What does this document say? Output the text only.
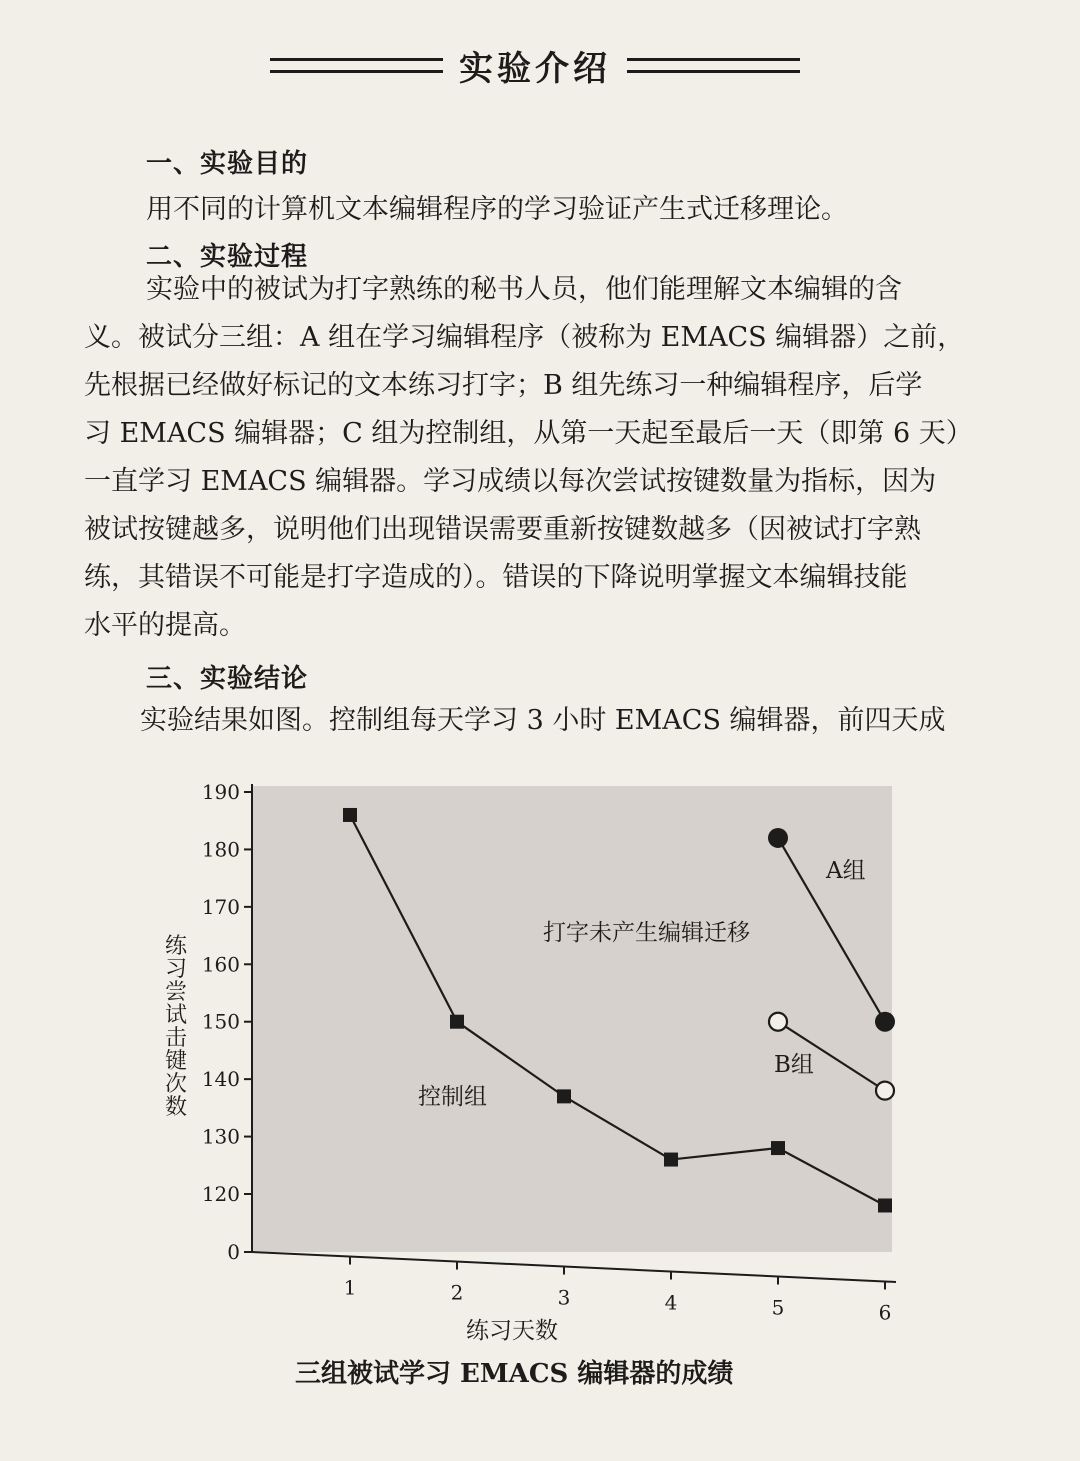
实验介绍
一、实验目的
用不同的计算机文本编辑程序的学习验证产生式迁移理论。
二、实验过程
实验中的被试为打字熟练的秘书人员，他们能理解文本编辑的含
义。被试分三组：A 组在学习编辑程序（被称为 EMACS 编辑器）之前，
先根据已经做好标记的文本练习打字；B 组先练习一种编辑程序，后学
习 EMACS 编辑器；C 组为控制组，从第一天起至最后一天（即第 6 天）
一直学习 EMACS 编辑器。学习成绩以每次尝试按键数量为指标，因为
被试按键越多，说明他们出现错误需要重新按键数越多（因被试打字熟
练，其错误不可能是打字造成的）。错误的下降说明掌握文本编辑技能
水平的提高。
三、实验结论
实验结果如图。控制组每天学习 3 小时 EMACS 编辑器，前四天成
0
120
130
140
150
160
170
180
190
1	2	3	4	5	6
练习天数
控制组
A组
B组
打字未产生编辑迁移
练习尝试击键次数
三组被试学习 EMACS 编辑器的成绩
